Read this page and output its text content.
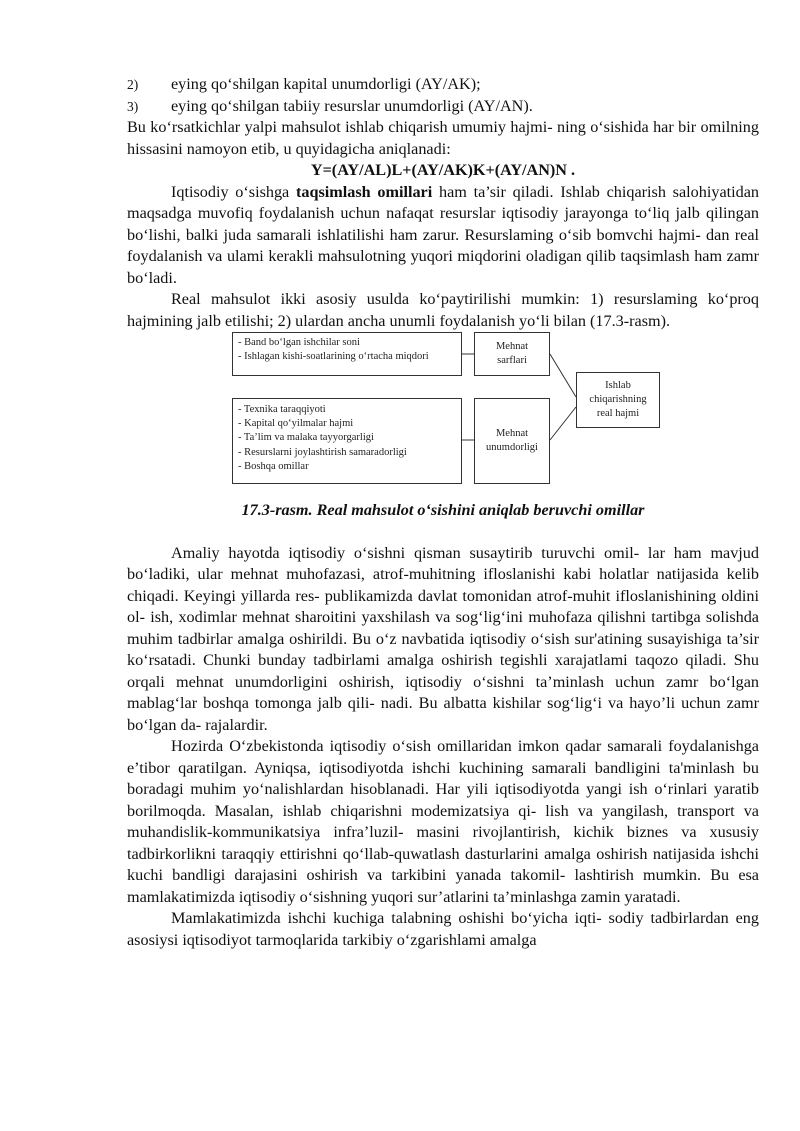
2)	eying qo‘shilgan kapital unumdorligi (AY/AK);
3)	eying qo‘shilgan tabiiy resurslar unumdorligi (AY/AN).

Bu ko‘rsatkichlar yalpi mahsulot ishlab chiqarish umumiy hajmi- ning o‘sishida har bir omilning hissasini namoyon etib, u quyidagicha aniqlanadi:

Y=(AY/AL)L+(AY/AK)K+(AY/AN)N .

Iqtisodiy o‘sishga taqsimlash omillari ham ta’sir qiladi. Ishlab chiqarish salohiyatidan maqsadga muvofiq foydalanish uchun nafaqat resurslar iqtisodiy jarayonga to‘liq jalb qilingan bo‘lishi, balki juda samarali ishlatilishi ham zarur. Resurslaming o‘sib bomvchi hajmi- dan real foydalanish va ulami kerakli mahsulotning yuqori miqdorini oladigan qilib taqsimlash ham zamr bo‘ladi.

Real mahsulot ikki asosiy usulda ko‘paytirilishi mumkin: 1) resurslaming ko‘proq hajmining jalb etilishi; 2) ulardan ancha unumli foydalanish yo‘li bilan (17.3-rasm).

- Band bo‘lgan ishchilar soni
- Ishlagan kishi-soatlarining o‘rtacha miqdori
- Texnika taraqqiyoti
- Kapital qo‘yilmalar hajmi
- Ta’lim va malaka tayyorgarligi
- Resurslarni joylashtirish samaradorligi
- Boshqa omillar
Mehnat
sarflari
Mehnat
unumdorligi
Ishlab
chiqarishning
real hajmi

17.3-rasm. Real mahsulot o‘sishini aniqlab beruvchi omillar

Amaliy hayotda iqtisodiy o‘sishni qisman susaytirib turuvchi omil- lar ham mavjud bo‘ladiki, ular mehnat muhofazasi, atrof-muhitning ifloslanishi kabi holatlar natijasida kelib chiqadi. Keyingi yillarda res- publikamizda davlat tomonidan atrof-muhit ifloslanishining oldini ol- ish, xodimlar mehnat sharoitini yaxshilash va sog‘lig‘ini muhofaza qilishni tartibga solishda muhim tadbirlar amalga oshirildi. Bu o‘z navbatida iqtisodiy o‘sish sur'atining susayishiga ta’sir ko‘rsatadi. Chunki bunday tadbirlami amalga oshirish tegishli xarajatlami taqozo qiladi. Shu orqali mehnat unumdorligini oshirish, iqtisodiy o‘sishni ta’minlash uchun zamr bo‘lgan mablag‘lar boshqa tomonga jalb qili- nadi. Bu albatta kishilar sog‘lig‘i va hayo’li uchun zamr bo‘lgan da- rajalardir.

Hozirda O‘zbekistonda iqtisodiy o‘sish omillaridan imkon qadar samarali foydalanishga e’tibor qaratilgan. Ayniqsa, iqtisodiyotda ishchi kuchining samarali bandligini ta'minlash bu boradagi muhim yo‘nalishlardan hisoblanadi. Har yili iqtisodiyotda yangi ish o‘rinlari yaratib borilmoqda. Masalan, ishlab chiqarishni modemizatsiya qi- lish va yangilash, transport va muhandislik-kommunikatsiya infra’luzil- masini rivojlantirish, kichik biznes va xususiy tadbirkorlikni taraqqiy ettirishni qo‘llab-quwatlash dasturlarini amalga oshirish natijasida ishchi kuchi bandligi darajasini oshirish va tarkibini yanada takomil- lashtirish mumkin. Bu esa mamlakatimizda iqtisodiy o‘sishning yuqori sur’atlarini ta’minlashga zamin yaratadi.

Mamlakatimizda ishchi kuchiga talabning oshishi bo‘yicha iqti- sodiy tadbirlardan eng asosiysi iqtisodiyot tarmoqlarida tarkibiy o‘zgarishlami amalga
